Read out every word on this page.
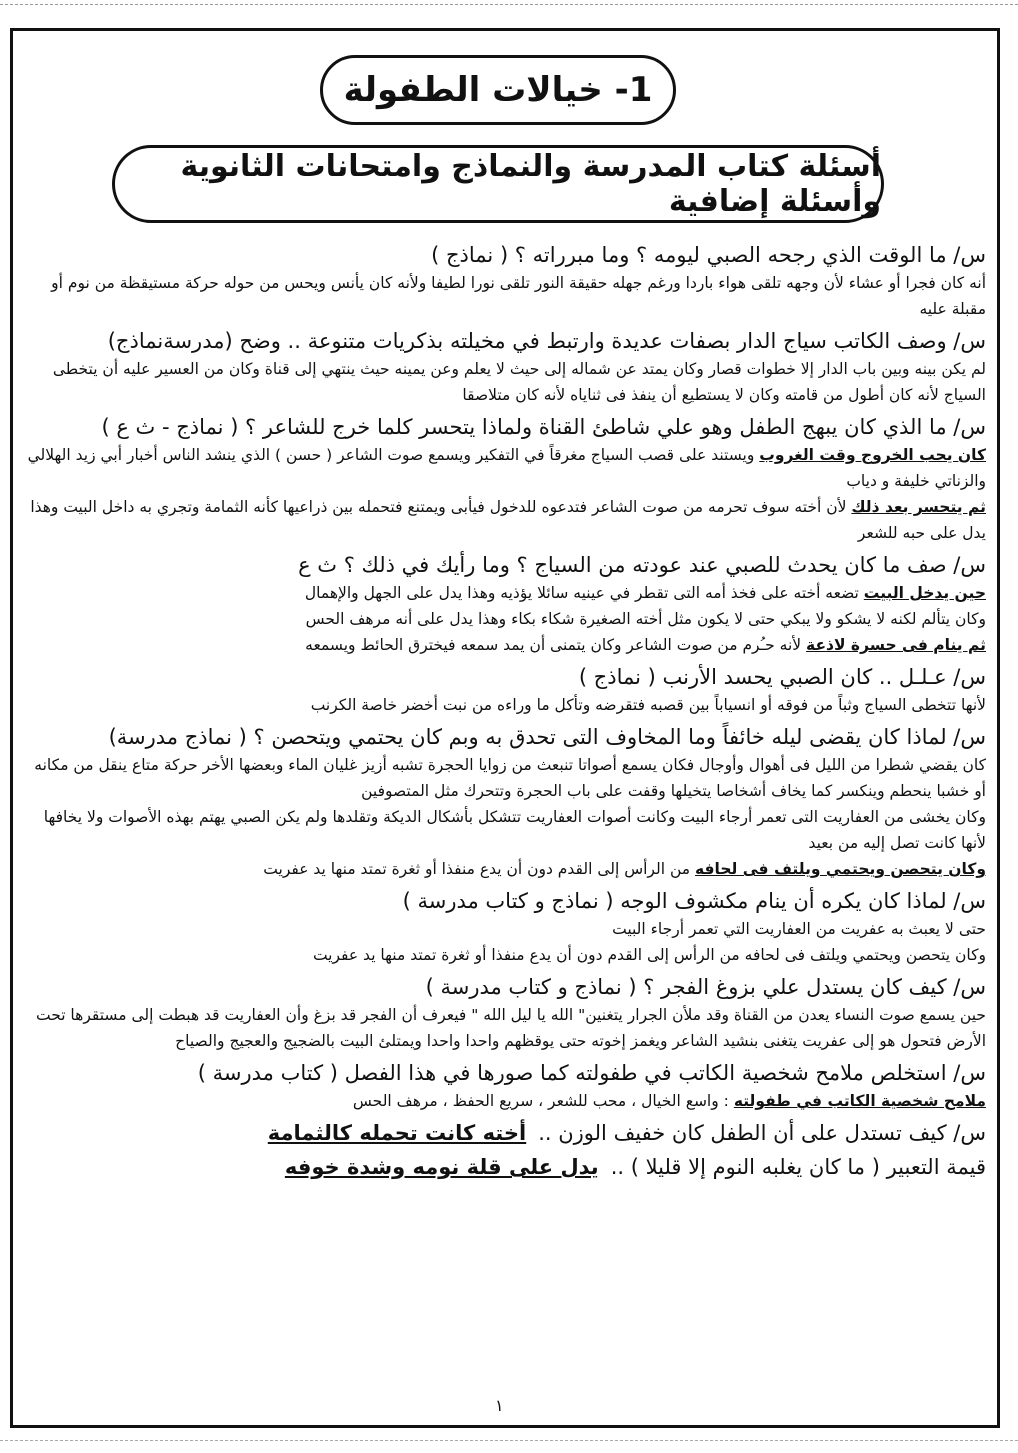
1- خيالات الطفولة
أسئلة كتاب المدرسة والنماذج وامتحانات الثانوية وأسئلة إضافية

س/ ما الوقت الذي رجحه الصبي ليومه ؟ وما مبرراته ؟ ( نماذج )

أنه كان فجرا أو عشاء لأن وجهه تلقى هواء باردا ورغم جهله حقيقة النور تلقى نورا لطيفا ولأنه كان يأنس ويحس من حوله حركة مستيقظة من نوم أو مقبلة عليه

س/ وصف الكاتب سياج الدار بصفات عديدة وارتبط في مخيلته بذكريات متنوعة .. وضح (مدرسةنماذج)

لم يكن بينه وبين باب الدار إلا خطوات قصار وكان يمتد عن شماله إلى حيث لا يعلم وعن يمينه حيث ينتهي إلى قناة وكان من العسير عليه أن يتخطى السياج لأنه كان أطول من قامته وكان لا يستطيع أن ينفذ فى ثناياه لأنه كان متلاصقا

س/ ما الذي كان يبهج الطفل وهو علي شاطئ القناة ولماذا يتحسر كلما خرج للشاعر ؟ ( نماذج - ث ع )

كان يحب الخروج وقت الغروب ويستند على قصب السياج مغرقاً في التفكير ويسمع صوت الشاعر ( حسن ) الذي ينشد الناس أخبار أبي زيد الهلالي والزناتي خليفة و دياب

ثم يتحسر بعد ذلك لأن أخته سوف تحرمه من صوت الشاعر فتدعوه للدخول فيأبى ويمتنع فتحمله بين ذراعيها كأنه الثمامة وتجري به داخل البيت وهذا يدل على حبه للشعر

س/ صف ما كان يحدث للصبي عند عودته من السياج ؟ وما رأيك في ذلك ؟ ث ع

حين يدخل البيت تضعه أخته على فخذ أمه التى تقطر في عينيه سائلا يؤذيه وهذا يدل على الجهل والإهمال

وكان يتألم لكنه لا يشكو ولا يبكي حتى لا يكون مثل أخته الصغيرة شكاء بكاء وهذا يدل على أنه مرهف الحس

ثم ينام فى حسرة لاذعة لأنه حـُرم من صوت الشاعر وكان يتمنى أن يمد سمعه فيخترق الحائط ويسمعه

س/ عـلـل .. كان الصبي يحسد الأرنب ( نماذج )

لأنها تتخطى السياج وثباً من فوقه أو انسياباً بين قصبه فتقرضه وتأكل ما وراءه من نبت أخضر خاصة الكرنب

س/ لماذا كان يقضى ليله خائفاً وما المخاوف التى تحدق به وبم كان يحتمي ويتحصن ؟ ( نماذج مدرسة)

كان يقضي شطرا من الليل فى أهوال وأوجال فكان يسمع أصواتا تنبعث من زوايا الحجرة تشبه أزيز غليان الماء وبعضها الأخر حركة متاع ينقل من مكانه أو خشبا ينحطم وينكسر كما يخاف أشخاصا يتخيلها وقفت على باب الحجرة وتتحرك مثل المتصوفين

وكان يخشى من العفاريت التى تعمر أرجاء البيت وكانت أصوات العفاريت تتشكل بأشكال الديكة وتقلدها ولم يكن الصبي يهتم بهذه الأصوات ولا يخافها لأنها كانت تصل إليه من بعيد

وكان يتحصن ويحتمي ويلتف فى لحافه من الرأس إلى القدم دون أن يدع منفذا أو ثغرة تمتد منها يد عفريت

س/ لماذا كان يكره أن ينام مكشوف الوجه ( نماذج و كتاب مدرسة )

حتى لا يعبث به عفريت من العفاريت التي تعمر أرجاء البيت

وكان يتحصن ويحتمي ويلتف فى لحافه من الرأس إلى القدم دون أن يدع منفذا أو ثغرة تمتد منها يد عفريت

س/ كيف كان يستدل علي بزوغ الفجر ؟ ( نماذج و كتاب مدرسة )

حين يسمع صوت النساء يعدن من القناة وقد ملأن الجرار يتغنين" الله يا ليل الله " فيعرف أن الفجر قد بزغ وأن العفاريت قد هبطت إلى مستقرها تحت الأرض فتحول هو إلى عفريت يتغنى بنشيد الشاعر ويغمز إخوته حتى يوقظهم واحدا واحدا ويمتلئ البيت بالضجيج والعجيج والصياح

س/ استخلص ملامح شخصية الكاتب في طفولته كما صورها في هذا الفصل ( كتاب مدرسة )

ملامح شخصية الكاتب في طفولته : واسع الخيال ، محب للشعر ، سريع الحفظ ، مرهف الحس

س/ كيف تستدل على أن الطفل كان خفيف الوزن ..أخته كانت تحمله كالثمامة

قيمة التعبير ( ما كان يغلبه النوم إلا قليلا ) ..يدل على قلة نومه وشدة خوفه

١
